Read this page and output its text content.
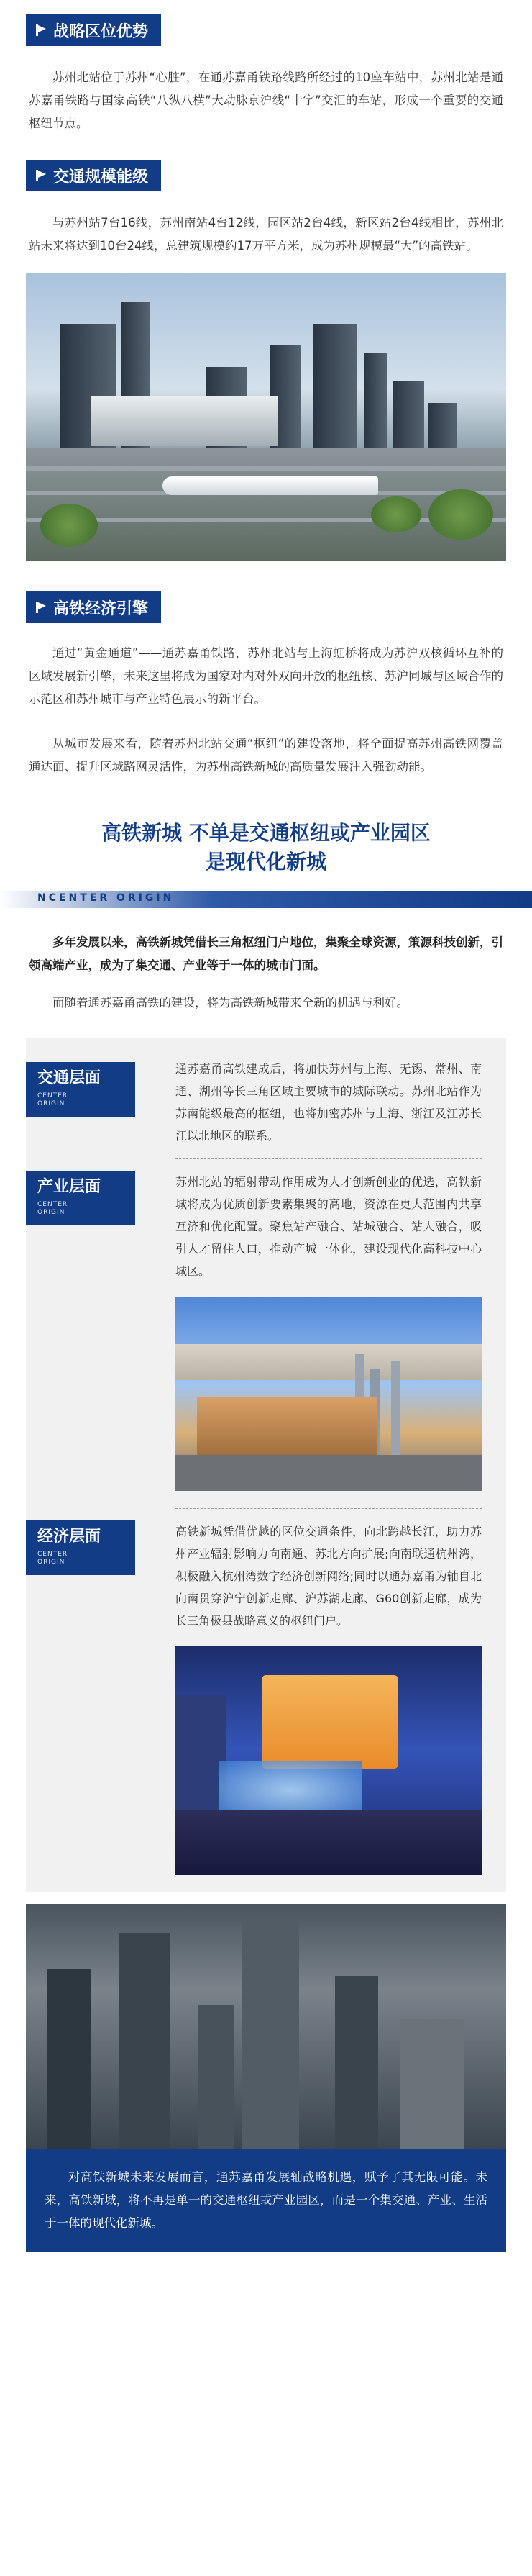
战略区位优势

苏州北站位于苏州“心脏”，在通苏嘉甬铁路线路所经过的10座车站中，苏州北站是通苏嘉甬铁路与国家高铁“八纵八横”大动脉京沪线“十字”交汇的车站，形成一个重要的交通枢纽节点。

交通规模能级

与苏州站7台16线，苏州南站4台12线，园区站2台4线，新区站2台4线相比，苏州北站未来将达到10台24线，总建筑规模约17万平方米，成为苏州规模最“大”的高铁站。

高铁经济引擎

通过“黄金通道”——通苏嘉甬铁路，苏州北站与上海虹桥将成为苏沪双核循环互补的区域发展新引擎，未来这里将成为国家对内对外双向开放的枢纽核、苏沪同城与区域合作的示范区和苏州城市与产业特色展示的新平台。

从城市发展来看，随着苏州北站交通“枢纽”的建设落地，将全面提高苏州高铁网覆盖通达面、提升区域路网灵活性，为苏州高铁新城的高质量发展注入强劲动能。

高铁新城 不单是交通枢纽或产业园区
是现代化新城
NCENTER ORIGIN

多年发展以来，高铁新城凭借长三角枢纽门户地位，集聚全球资源，策源科技创新，引领高端产业，成为了集交通、产业等于一体的城市门面。

而随着通苏嘉甬高铁的建设，将为高铁新城带来全新的机遇与利好。

交通层面
CENTER
ORIGIN

通苏嘉甬高铁建成后，将加快苏州与上海、无锡、常州、南通、湖州等长三角区域主要城市的城际联动。苏州北站作为苏南能级最高的枢纽，也将加密苏州与上海、浙江及江苏长江以北地区的联系。

产业层面
CENTER
ORIGIN

苏州北站的辐射带动作用成为人才创新创业的优选，高铁新城将成为优质创新要素集聚的高地，资源在更大范围内共享互济和优化配置。聚焦站产融合、站城融合、站人融合，吸引人才留住人口，推动产城一体化，建设现代化高科技中心城区。

经济层面
CENTER
ORIGIN

高铁新城凭借优越的区位交通条件，向北跨越长江，助力苏州产业辐射影响力向南通、苏北方向扩展;向南联通杭州湾，积极融入杭州湾数字经济创新网络;同时以通苏嘉甬为轴自北向南贯穿沪宁创新走廊、沪苏湖走廊、G60创新走廊，成为长三角极县战略意义的枢纽门户。

对高铁新城未来发展而言，通苏嘉甬发展轴战略机遇，赋予了其无限可能。未来，高铁新城，将不再是单一的交通枢纽或产业园区，而是一个集交通、产业、生活于一体的现代化新城。
